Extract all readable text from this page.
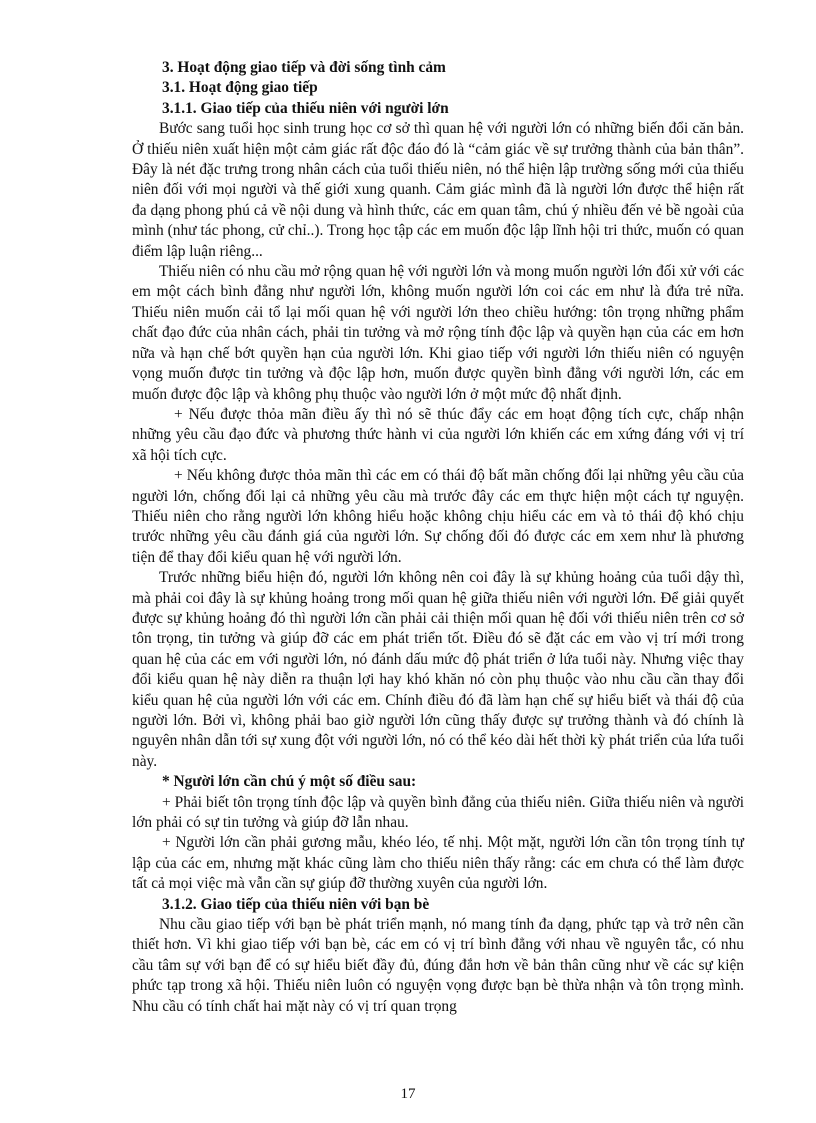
3. Hoạt động giao tiếp và đời sống tình cảm
3.1. Hoạt động giao tiếp
3.1.1. Giao tiếp của thiếu niên với người lớn

Bước sang tuổi học sinh trung học cơ sở thì quan hệ với người lớn có những biến đổi căn bản. Ở thiếu niên xuất hiện một cảm giác rất độc đáo đó là “cảm giác về sự trưởng thành của bản thân”. Đây là nét đặc trưng trong nhân cách của tuổi thiếu niên, nó thể hiện lập trường sống mới của thiếu niên đối với mọi người và thế giới xung quanh. Cảm giác mình đã là người lớn được thể hiện rất đa dạng phong phú cả về nội dung và hình thức, các em quan tâm, chú ý nhiều đến vẻ bề ngoài của mình (như tác phong, cử chỉ..). Trong học tập các em muốn độc lập lĩnh hội tri thức, muốn có quan điểm lập luận riêng...

Thiếu niên có nhu cầu mở rộng quan hệ với người lớn và mong muốn người lớn đối xử với các em một cách bình đẳng như người lớn, không muốn người lớn coi các em như là đứa trẻ nữa. Thiếu niên muốn cải tổ lại mối quan hệ với người lớn theo chiều hướng: tôn trọng những phẩm chất đạo đức của nhân cách, phải tin tưởng và mở rộng tính độc lập và quyền hạn của các em hơn nữa và hạn chế bớt quyền hạn của người lớn. Khi giao tiếp với người lớn thiếu niên có nguyện vọng muốn được tin tưởng và độc lập hơn, muốn được quyền bình đẳng với người lớn, các em muốn được độc lập và không phụ thuộc vào người lớn ở một mức độ nhất định.

+ Nếu được thỏa mãn điều ấy thì nó sẽ thúc đẩy các em hoạt động tích cực, chấp nhận những yêu cầu đạo đức và phương thức hành vi của người lớn khiến các em xứng đáng với vị trí xã hội tích cực.

+ Nếu không được thỏa mãn thì các em có thái độ bất mãn chống đối lại những yêu cầu của người lớn, chống đối lại cả những yêu cầu mà trước đây các em thực hiện một cách tự nguyện. Thiếu niên cho rằng người lớn không hiểu hoặc không chịu hiểu các em và tỏ thái độ khó chịu trước những yêu cầu đánh giá của người lớn. Sự chống đối đó được các em xem như là phương tiện để thay đổi kiểu quan hệ với người lớn.

Trước những biểu hiện đó, người lớn không nên coi đây là sự khủng hoảng của tuổi dậy thì, mà phải coi đây là sự khủng hoảng trong mối quan hệ giữa thiếu niên với người lớn. Để giải quyết được sự khủng hoảng đó thì người lớn cần phải cải thiện mối quan hệ đối với thiếu niên trên cơ sở tôn trọng, tin tưởng và giúp đỡ các em phát triển tốt. Điều đó sẽ đặt các em vào vị trí mới trong quan hệ của các em với người lớn, nó đánh dấu mức độ phát triển ở lứa tuổi này. Nhưng việc thay đổi kiểu quan hệ này diễn ra thuận lợi hay khó khăn nó còn phụ thuộc vào nhu cầu cần thay đổi kiểu quan hệ của người lớn với các em. Chính điều đó đã làm hạn chế sự hiểu biết và thái độ của người lớn. Bởi vì, không phải bao giờ người lớn cũng thấy được sự trưởng thành và đó chính là nguyên nhân dẫn tới sự xung đột với người lớn, nó có thể kéo dài hết thời kỳ phát triển của lứa tuổi này.

* Người lớn cần chú ý một số điều sau:

+ Phải biết tôn trọng tính độc lập và quyền bình đẳng của thiếu niên. Giữa thiếu niên và người lớn phải có sự tin tưởng và giúp đỡ lẫn nhau.

+ Người lớn cần phải gương mẫu, khéo léo, tế nhị. Một mặt, người lớn cần tôn trọng tính tự lập của các em, nhưng mặt khác cũng làm cho thiếu niên thấy rằng: các em chưa có thể làm được tất cả mọi việc mà vẫn cần sự giúp đỡ thường xuyên của người lớn.

3.1.2. Giao tiếp của thiếu niên với bạn bè

Nhu cầu giao tiếp với bạn bè phát triển mạnh, nó mang tính đa dạng, phức tạp và trở nên cần thiết hơn. Vì khi giao tiếp với bạn bè, các em có vị trí bình đẳng với nhau về nguyên tắc, có nhu cầu tâm sự với bạn để có sự hiểu biết đầy đủ, đúng đắn hơn về bản thân cũng như về các sự kiện phức tạp trong xã hội. Thiếu niên luôn có nguyện vọng được bạn bè thừa nhận và tôn trọng mình. Nhu cầu có tính chất hai mặt này có vị trí quan trọng

17
